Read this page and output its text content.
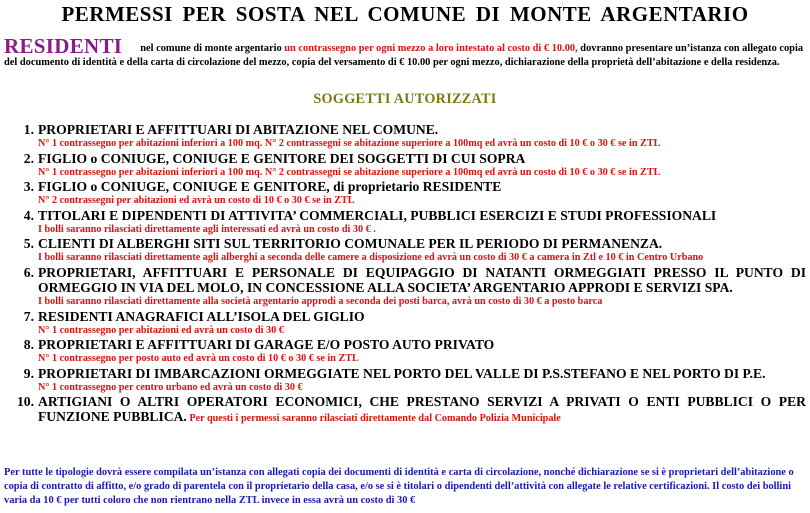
PERMESSI PER SOSTA NEL COMUNE DI MONTE ARGENTARIO
RESIDENTI nel comune di monte argentario un contrassegno per ogni mezzo a loro intestato al costo di € 10.00, dovranno presentare un’istanza con allegato copia del documento di identità e della carta di circolazione del mezzo, copia del versamento di € 10.00 per ogni mezzo, dichiarazione della proprietà dell’abitazione e della residenza.
SOGGETTI AUTORIZZATI
1. PROPRIETARI E AFFITTUARI DI ABITAZIONE NEL COMUNE.
N° 1 contrassegno per abitazioni inferiori a 100 mq. N° 2 contrassegni se abitazione superiore a 100mq ed avrà un costo di 10 € o 30 € se in ZTL
2. FIGLIO o CONIUGE, CONIUGE E GENITORE DEI SOGGETTI DI CUI SOPRA
N° 1 contrassegno per abitazioni inferiori a 100 mq. N° 2 contrassegni se abitazione superiore a 100mq ed avrà un costo di 10 € o 30 € se in ZTL
3. FIGLIO o CONIUGE, CONIUGE E GENITORE, di proprietario RESIDENTE
N° 2 contrassegni per abitazioni ed avrà un costo di 10 € o 30 € se in ZTL
4. TITOLARI E DIPENDENTI DI ATTIVITA’ COMMERCIALI, PUBBLICI ESERCIZI E STUDI PROFESSIONALI
I bolli saranno rilasciati direttamente agli interessati ed avrà un costo di 30 € .
5. CLIENTI DI ALBERGHI SITI SUL TERRITORIO COMUNALE PER IL PERIODO DI PERMANENZA.
I bolli saranno rilasciati direttamente agli alberghi a seconda delle camere a disposizione ed avrà un costo di 30 € a camera in Ztl e 10 € in Centro Urbano
6. PROPRIETARI, AFFITTUARI E PERSONALE DI EQUIPAGGIO DI NATANTI ORMEGGIATI PRESSO IL PUNTO DI ORMEGGIO IN VIA DEL MOLO, IN CONCESSIONE ALLA SOCIETA’ ARGENTARIO APPRODI E SERVIZI SPA.
I bolli saranno rilasciati direttamente alla società argentario approdi a seconda dei posti barca, avrà un costo di 30 € a posto barca
7. RESIDENTI ANAGRAFICI ALL’ISOLA DEL GIGLIO
N° 1 contrassegno per abitazioni ed avrà un costo di 30 €
8. PROPRIETARI E AFFITTUARI DI GARAGE E/O POSTO AUTO PRIVATO
N° 1 contrassegno per posto auto ed avrà un costo di 10 € o 30 € se in ZTL
9. PROPRIETARI DI IMBARCAZIONI ORMEGGIATE NEL PORTO DEL VALLE DI P.S.STEFANO E NEL PORTO DI P.E.
N° 1 contrassegno per centro urbano ed avrà un costo di 30 €
10. ARTIGIANI O ALTRI OPERATORI ECONOMICI, CHE PRESTANO SERVIZI A PRIVATI O ENTI PUBBLICI O PER FUNZIONE PUBBLICA. Per questi i permessi saranno rilasciati direttamente dal Comando Polizia Municipale
Per tutte le tipologie dovrà essere compilata un’istanza con allegati copia dei documenti di identità e carta di circolazione, nonché dichiarazione se si è proprietari dell’abitazione o copia di contratto di affitto, e/o grado di parentela con il proprietario della casa, e/o se si è titolari o dipendenti dell’attività con allegate le relative certificazioni. Il costo dei bollini varia da 10 € per tutti coloro che non rientrano nella ZTL invece in essa avrà un costo di 30 €
